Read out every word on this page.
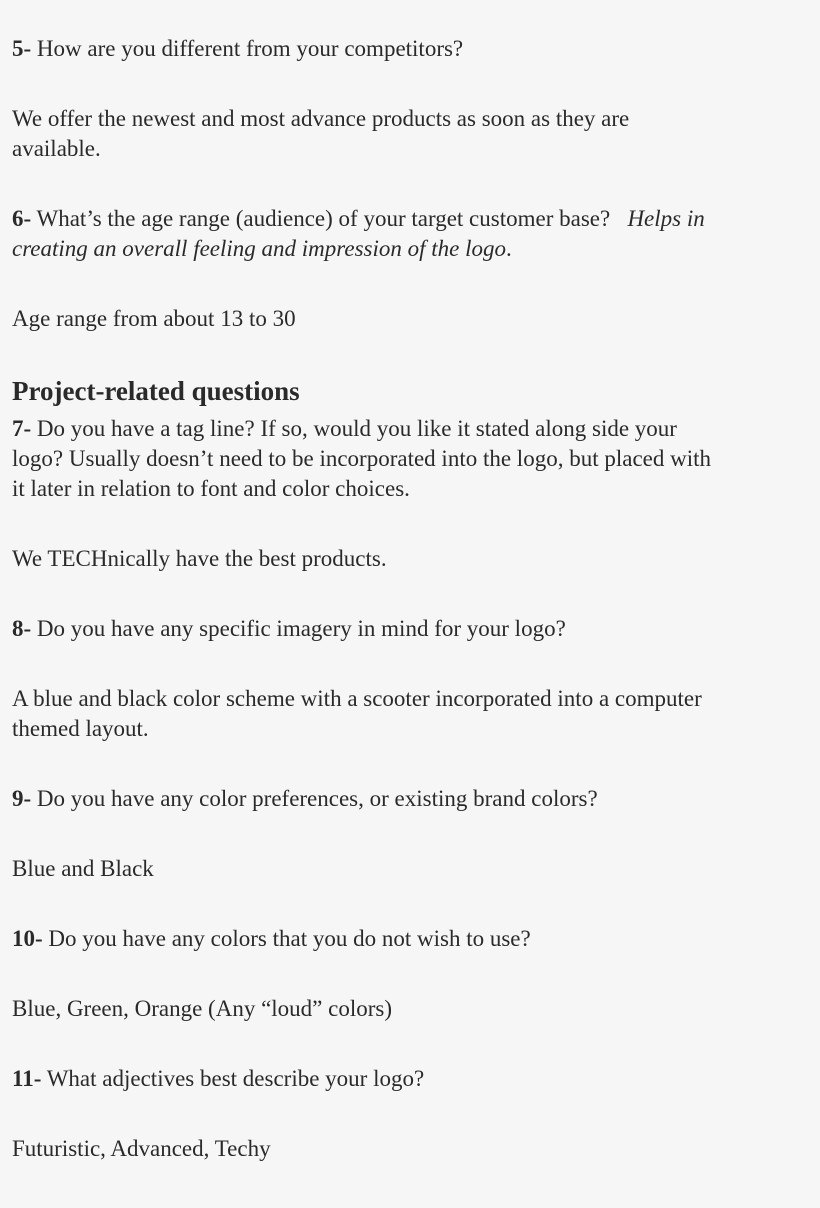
5- How are you different from your competitors?

We offer the newest and most advance products as soon as they are

available.

6- What’s the age range (audience) of your target customer base? Helps in

creating an overall feeling and impression of the logo.

Age range from about 13 to 30

Project-related questions

7- Do you have a tag line? If so, would you like it stated along side your

logo? Usually doesn’t need to be incorporated into the logo, but placed with

it later in relation to font and color choices.

We TECHnically have the best products.

8- Do you have any specific imagery in mind for your logo?

A blue and black color scheme with a scooter incorporated into a computer

themed layout.

9- Do you have any color preferences, or existing brand colors?

Blue and Black

10- Do you have any colors that you do not wish to use?

Blue, Green, Orange (Any “loud” colors)

11- What adjectives best describe your logo?

Futuristic, Advanced, Techy
